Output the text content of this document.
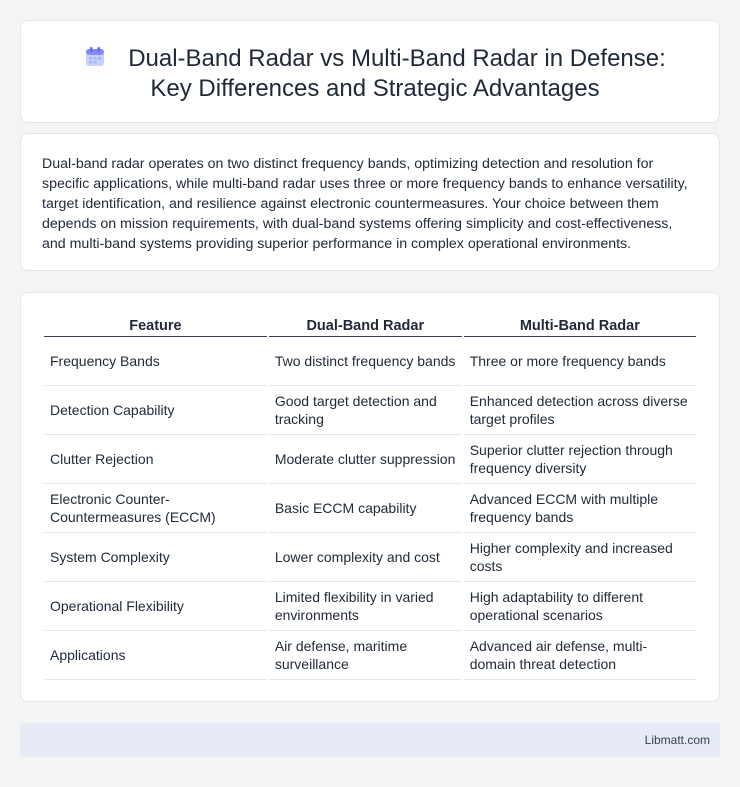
Dual-Band Radar vs Multi-Band Radar in Defense: Key Differences and Strategic Advantages

Dual-band radar operates on two distinct frequency bands, optimizing detection and resolution for specific applications, while multi-band radar uses three or more frequency bands to enhance versatility, target identification, and resilience against electronic countermeasures. Your choice between them depends on mission requirements, with dual-band systems offering simplicity and cost-effectiveness, and multi-band systems providing superior performance in complex operational environments.

Feature	Dual-Band Radar	Multi-Band Radar
Frequency Bands	Two distinct frequency bands	Three or more frequency bands
Detection Capability	Good target detection and tracking	Enhanced detection across diverse target profiles
Clutter Rejection	Moderate clutter suppression	Superior clutter rejection through frequency diversity
Electronic Counter-Countermeasures (ECCM)	Basic ECCM capability	Advanced ECCM with multiple frequency bands
System Complexity	Lower complexity and cost	Higher complexity and increased costs
Operational Flexibility	Limited flexibility in varied environments	High adaptability to different operational scenarios
Applications	Air defense, maritime surveillance	Advanced air defense, multi-domain threat detection
Libmatt.com
